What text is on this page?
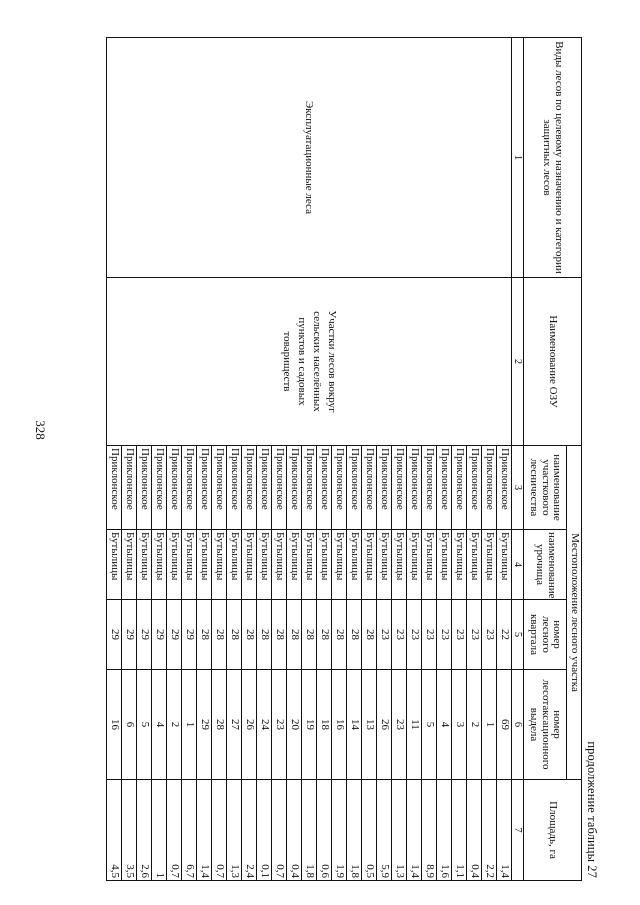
328
продолжение таблицы 27
Виды лесов по целевому назначению и категории защитных лесов	Наименование ОЗУ	Местоположение лесного участка				Площадь, га
		наименование участкового лесничества	наименование урочища	номер лесного квартала	номер лесотаксационного выдела	
1	2	3	4	5	6	7
Эксплуатационные леса	Участки лесов вокруг сельских населённых пунктов и садовых товариществ	Приклонское	Бутылицы	22	69	1,4
		Приклонское	Бутылицы	23	1	2,2
		Приклонское	Бутылицы	23	2	0,4
		Приклонское	Бутылицы	23	3	1,1
		Приклонское	Бутылицы	23	4	1,6
		Приклонское	Бутылицы	23	5	8,9
		Приклонское	Бутылицы	23	11	1,4
		Приклонское	Бутылицы	23	23	1,3
		Приклонское	Бутылицы	23	26	5,9
		Приклонское	Бутылицы	28	13	0,5
		Приклонское	Бутылицы	28	14	1,8
		Приклонское	Бутылицы	28	16	1,9
		Приклонское	Бутылицы	28	18	0,6
		Приклонское	Бутылицы	28	19	1,8
		Приклонское	Бутылицы	28	20	0,4
		Приклонское	Бутылицы	28	23	0,7
		Приклонское	Бутылицы	28	24	0,1
		Приклонское	Бутылицы	28	26	2,4
		Приклонское	Бутылицы	28	27	1,3
		Приклонское	Бутылицы	28	28	0,7
		Приклонское	Бутылицы	28	29	1,4
		Приклонское	Бутылицы	29	1	6,7
		Приклонское	Бутылицы	29	2	0,7
		Приклонское	Бутылицы	29	4	1
		Приклонское	Бутылицы	29	5	2,6
		Приклонское	Бутылицы	29	6	3,5
		Приклонское	Бутылицы	29	16	4,5
